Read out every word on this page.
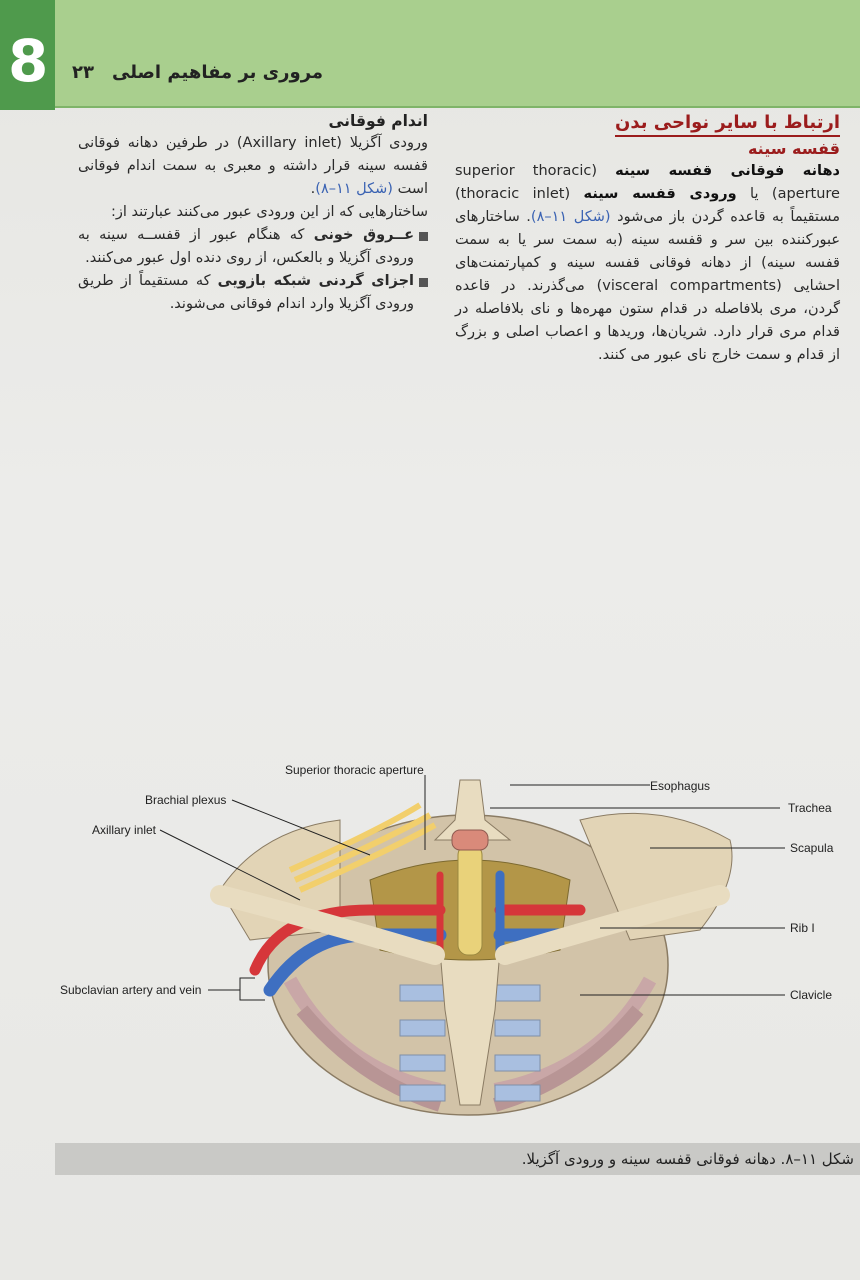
8	مروری بر مفاهیم اصلی
۲۳
ارتباط با سایر نواحی بدن
قفسه سینه

دهانه فوقانی قفسه سینه (superior thoracic aperture) یا ورودی قفسه سینه (thoracic inlet) مستقیماً به قاعده گردن باز می‌شود (شکل ۱۱–۸). ساختارهای عبورکننده بین سر و قفسه سینه (به سمت سر یا به سمت قفسه سینه) از دهانه فوقانی قفسه سینه و کمپارتمنت‌های احشایی (visceral compartments) می‌گذرند. در قاعده گردن، مری بلافاصله در قدام ستون مهره‌ها و نای بلافاصله در قدام مری قرار دارد. شریان‌ها، وریدها و اعصاب اصلی و بزرگ از قدام و سمت خارج نای عبور می کنند.

اندام فوقانی

ورودی آگزیلا (Axillary inlet) در طرفین دهانه فوقانی قفسه سینه قرار داشته و معبری به سمت اندام فوقانی است (شکل ۱۱–۸).

ساختارهایی که از این ورودی عبور می‌کنند عبارتند از:

عــروق خونی که هنگام عبور از قفســه سینه به ورودی آگزیلا و بالعکس، از روی دنده اول عبور می‌کنند.

اجزای گردنی شبکه بازویی که مستقیماً از طریق ورودی آگزیلا وارد اندام فوقانی می‌شوند.

Superior thoracic aperture
Brachial plexus
Axillary inlet
Subclavian artery and vein
Esophagus
Trachea
Scapula
Rib I
Clavicle
شکل ۱۱–۸. دهانه فوقانی قفسه سینه و ورودی آگزیلا.
